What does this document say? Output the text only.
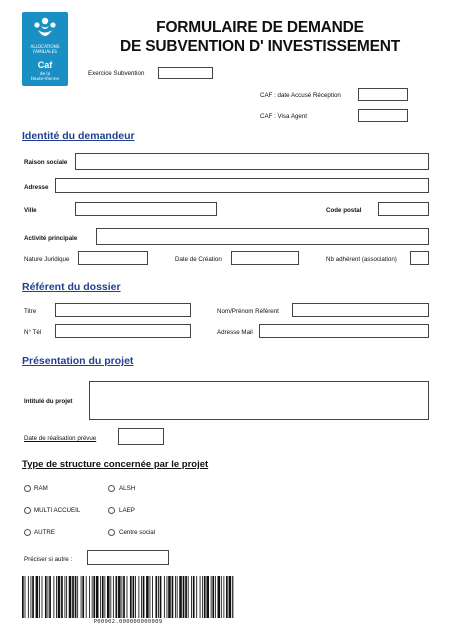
ALLOCATIONS
FAMILIALES
Caf
de la
Haute-Vienne
FORMULAIRE DE DEMANDE
DE SUBVENTION D' INVESTISSEMENT
Exercice Subvention
CAF : date Accusé Réception
CAF : Visa Agent
Identité du demandeur
Raison sociale
Adresse
Ville	Code postal
Activité principale
Nature Juridique	Date de Création	Nb adhérent (association)
Référent du dossier
Titre	Nom/Prénom Référent
N° Tél	Adresse Mail
Présentation du projet
Intitulé du projet
Date de réalisation prévue
Type de structure concernée par le projet
RAM	ALSH
MULTI ACCUEIL	LAEP
AUTRE	Centre social
Préciser si autre :
P00902.000000000009
